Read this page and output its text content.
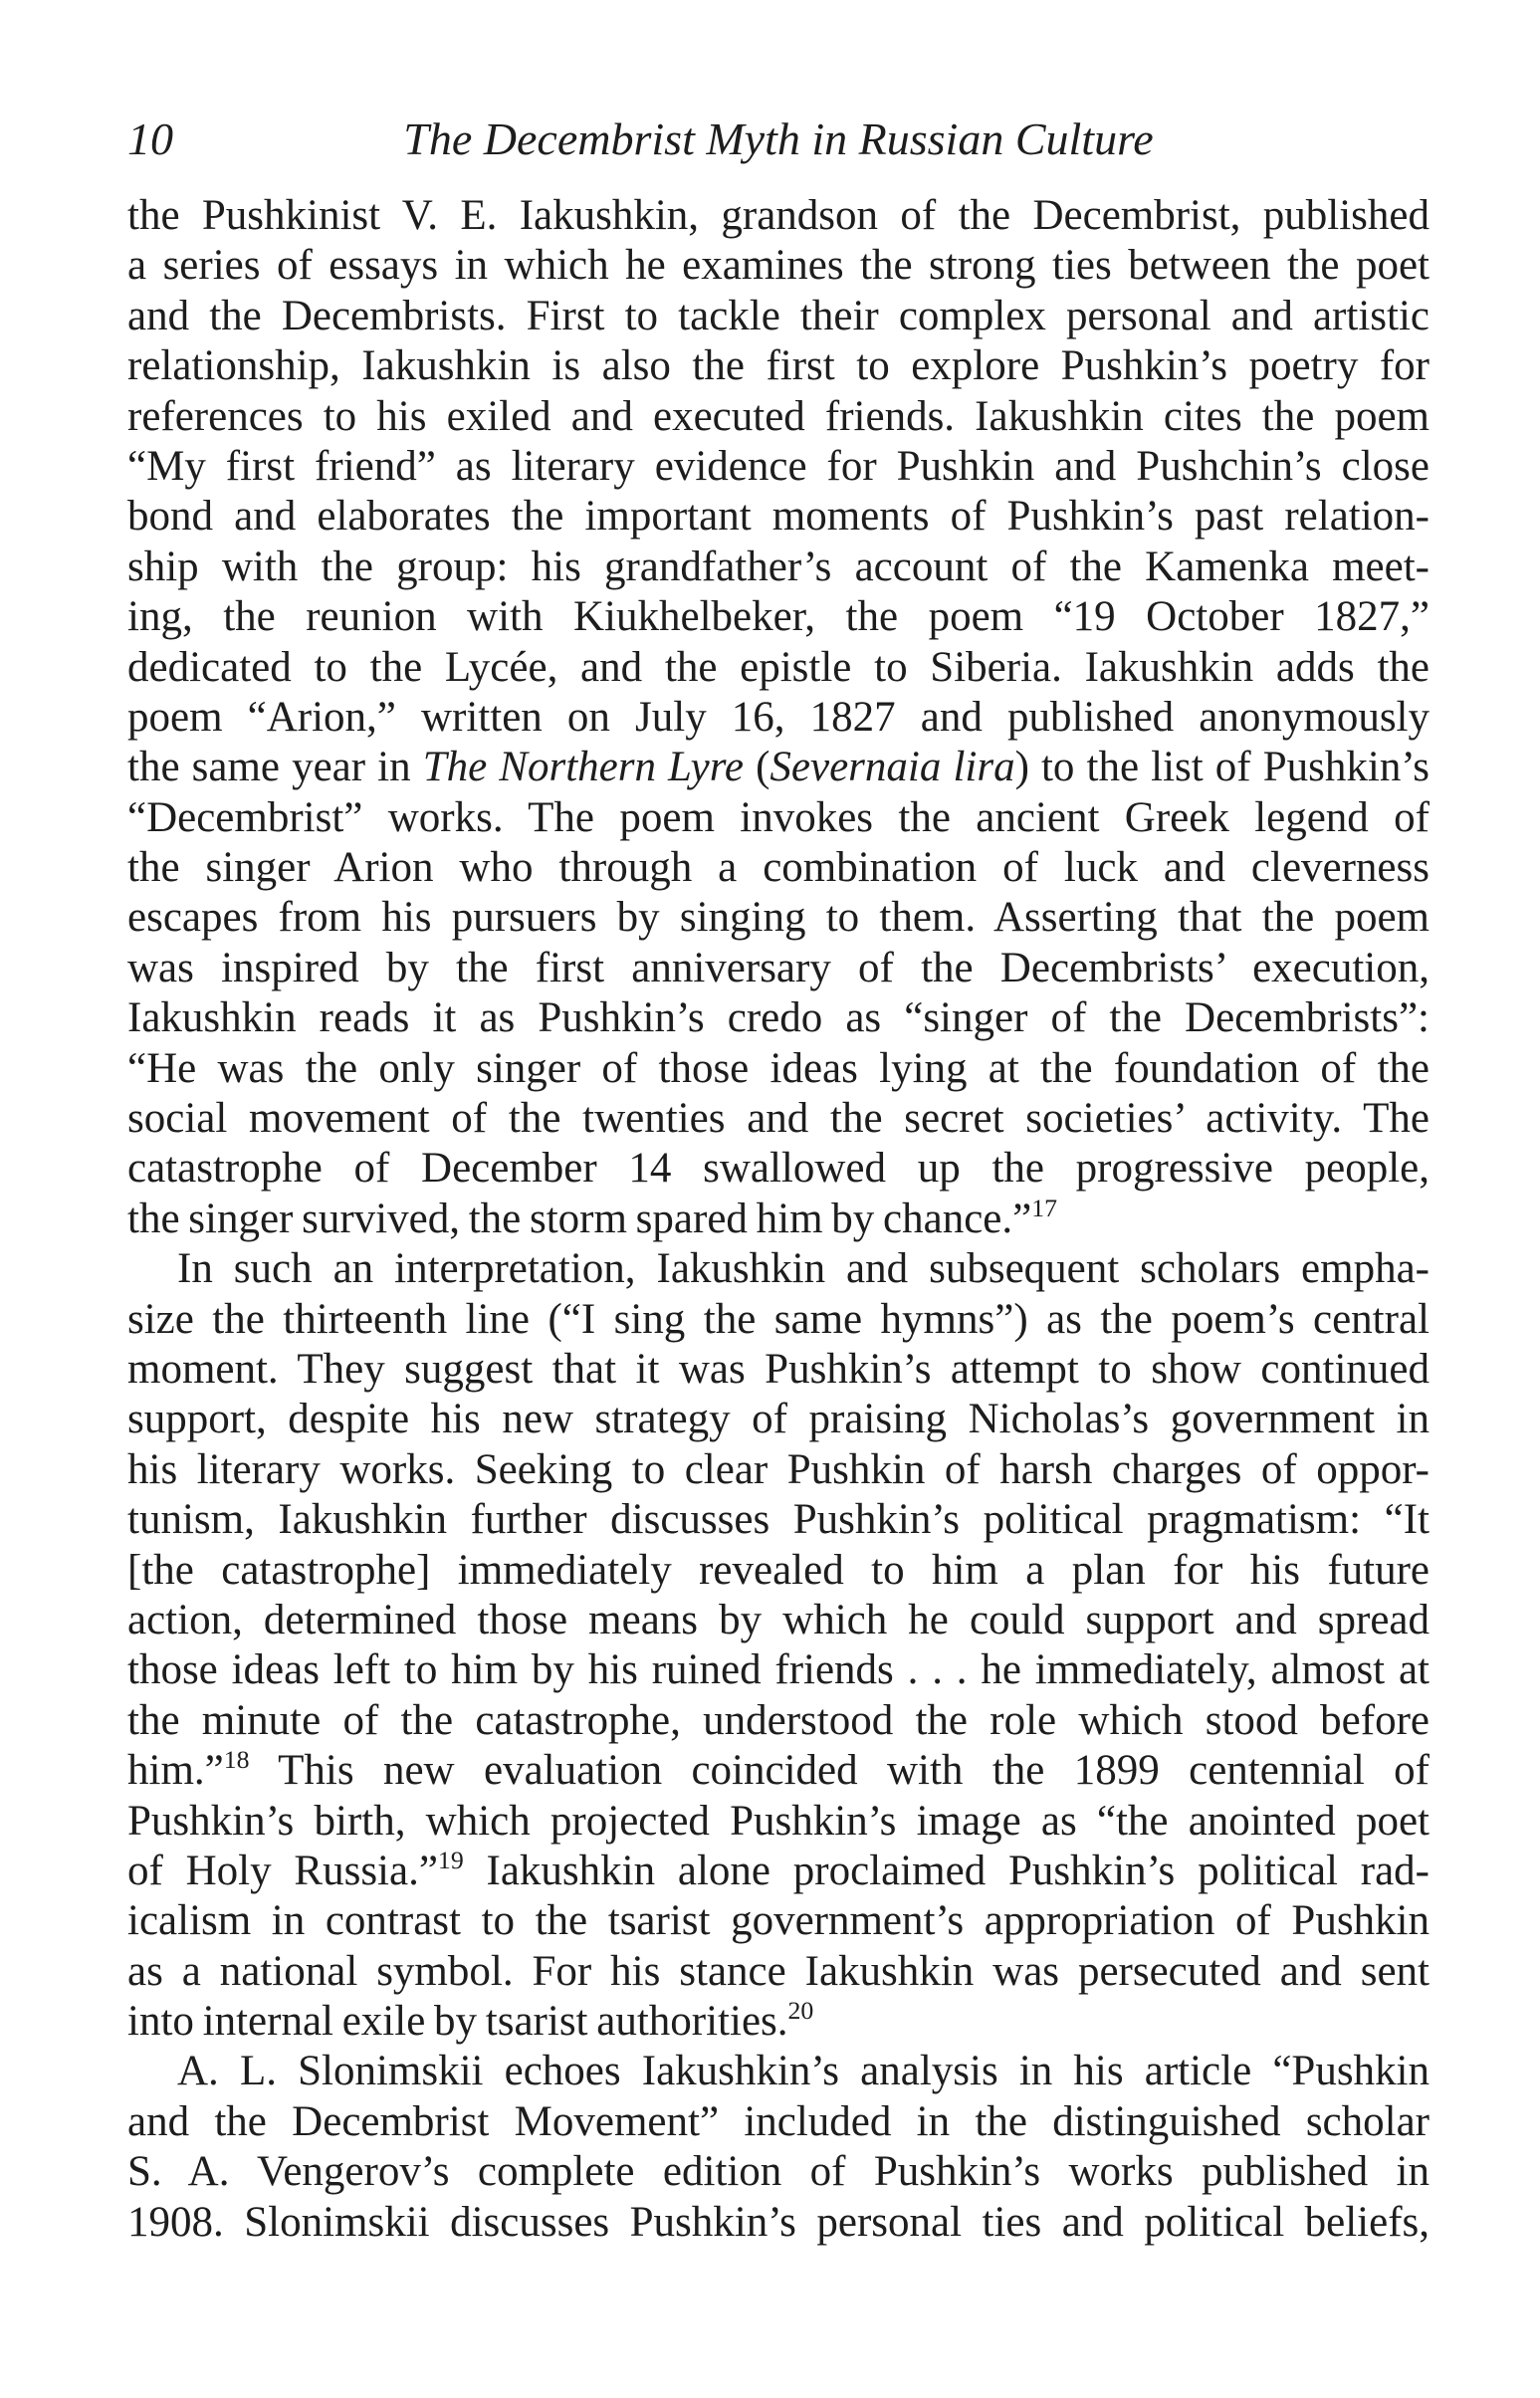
10	The Decembrist Myth in Russian Culture
the Pushkinist V. E. Iakushkin, grandson of the Decembrist, published
a series of essays in which he examines the strong ties between the poet
and the Decembrists. First to tackle their complex personal and artistic
relationship, Iakushkin is also the first to explore Pushkin’s poetry for
references to his exiled and executed friends. Iakushkin cites the poem
“My first friend” as literary evidence for Pushkin and Pushchin’s close
bond and elaborates the important moments of Pushkin’s past relation-
ship with the group: his grandfather’s account of the Kamenka meet-
ing, the reunion with Kiukhelbeker, the poem “19 October 1827,”
dedicated to the Lycée, and the epistle to Siberia. Iakushkin adds the
poem “Arion,” written on July 16, 1827 and published anonymously
the same year in The Northern Lyre (Severnaia lira) to the list of Pushkin’s
“Decembrist” works. The poem invokes the ancient Greek legend of
the singer Arion who through a combination of luck and cleverness
escapes from his pursuers by singing to them. Asserting that the poem
was inspired by the first anniversary of the Decembrists’ execution,
Iakushkin reads it as Pushkin’s credo as “singer of the Decembrists”:
“He was the only singer of those ideas lying at the foundation of the
social movement of the twenties and the secret societies’ activity. The
catastrophe of December 14 swallowed up the progressive people,
the singer survived, the storm spared him by chance.”$^{17}$
In such an interpretation, Iakushkin and subsequent scholars empha-
size the thirteenth line (“I sing the same hymns”) as the poem’s central
moment. They suggest that it was Pushkin’s attempt to show continued
support, despite his new strategy of praising Nicholas’s government in
his literary works. Seeking to clear Pushkin of harsh charges of oppor-
tunism, Iakushkin further discusses Pushkin’s political pragmatism: “It
[the catastrophe] immediately revealed to him a plan for his future
action, determined those means by which he could support and spread
those ideas left to him by his ruined friends . . . he immediately, almost at
the minute of the catastrophe, understood the role which stood before
him.”$^{18}$ This new evaluation coincided with the 1899 centennial of
Pushkin’s birth, which projected Pushkin’s image as “the anointed poet
of Holy Russia.”$^{19}$ Iakushkin alone proclaimed Pushkin’s political rad-
icalism in contrast to the tsarist government’s appropriation of Pushkin
as a national symbol. For his stance Iakushkin was persecuted and sent
into internal exile by tsarist authorities.$^{20}$
A. L. Slonimskii echoes Iakushkin’s analysis in his article “Pushkin
and the Decembrist Movement” included in the distinguished scholar
S. A. Vengerov’s complete edition of Pushkin’s works published in
1908. Slonimskii discusses Pushkin’s personal ties and political beliefs,
